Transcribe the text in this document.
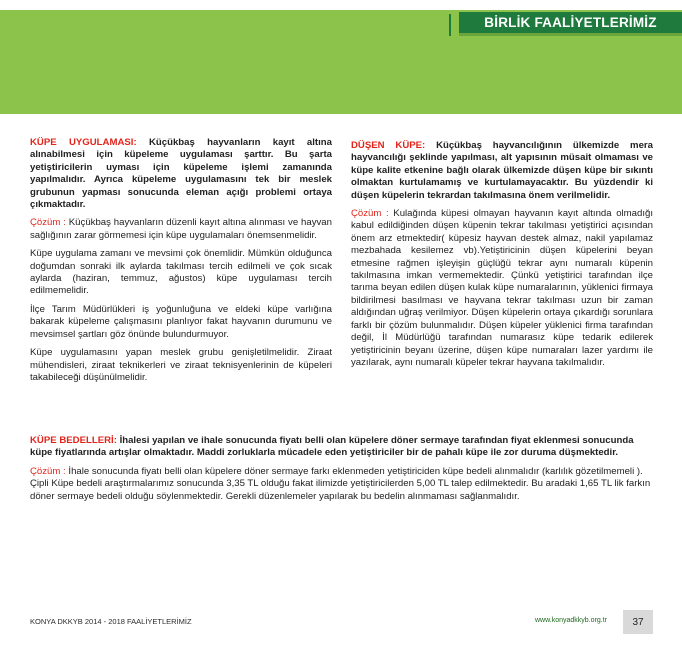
BİRLİK FAALİYETLERİMİZ

KÜPE UYGULAMASI: Küçükbaş hayvanların kayıt altına alınabilmesi için küpeleme uygulaması şarttır. Bu şarta yetiştiricilerin uyması için küpeleme işlemi zamanında yapılmalıdır. Ayrıca küpeleme uygulamasını tek bir meslek grubunun yapması sonucunda eleman açığı problemi ortaya çıkmaktadır.

Çözüm : Küçükbaş hayvanların düzenli kayıt altına alınması ve hayvan sağlığının zarar görmemesi için küpe uygulamaları önemsenmelidir.

Küpe uygulama zamanı ve mevsimi çok önemlidir. Mümkün olduğunca doğumdan sonraki ilk aylarda takılması tercih edilmeli ve çok sıcak aylarda (haziran, temmuz, ağustos) küpe uygulaması tercih edilmemelidir.

İlçe Tarım Müdürlükleri iş yoğunluğuna ve eldeki küpe varlığına bakarak küpeleme çalışmasını planlıyor fakat hayvanın durumunu ve mevsimsel şartları göz önünde bulundurmuyor.

Küpe uygulamasını yapan meslek grubu genişletilmelidir. Ziraat mühendisleri, ziraat teknikerleri ve ziraat teknisyenlerinin de küpeleri takabileceği düşünülmelidir.

DÜŞEN KÜPE: Küçükbaş hayvancılığının ülkemizde mera hayvancılığı şeklinde yapılması, alt yapısının müsait olmaması ve küpe kalite etkenine bağlı olarak ülkemizde düşen küpe bir sıkıntı olmaktan kurtulamamış ve kurtulamayacaktır. Bu yüzdendir ki düşen küpelerin tekrardan takılmasına önem verilmelidir.

Çözüm : Kulağında küpesi olmayan hayvanın kayıt altında olmadığı kabul edildiğinden düşen küpenin tekrar takılması yetiştirici açısından önem arz etmektedir( küpesiz hayvan destek almaz, nakil yapılamaz mezbahada kesilemez vb).Yetiştiricinin düşen küpelerini beyan etmesine rağmen işleyişin güçlüğü tekrar aynı numaralı küpenin takılmasına imkan vermemektedir. Çünkü yetiştirici tarafından ilçe tarıma beyan edilen düşen kulak küpe numaralarının, yüklenici firmaya bildirilmesi basılması ve hayvana tekrar takılması uzun bir zaman aldığından uğraş verilmiyor. Düşen küpelerin ortaya çıkardığı sorunlara farklı bir çözüm bulunmalıdır. Düşen küpeler yüklenici firma tarafından değil, İl Müdürlüğü tarafından numarasız küpe tedarik edilerek yetiştiricinin beyanı üzerine, düşen küpe numaraları lazer yardımı ile yazılarak, aynı numaralı küpeler tekrar hayvana takılmalıdır.

KÜPE BEDELLERİ: İhalesi yapılan ve ihale sonucunda fiyatı belli olan küpelere döner sermaye tarafından fiyat eklenmesi sonucunda küpe fiyatlarında artışlar olmaktadır. Maddi zorluklarla mücadele eden yetiştiriciler bir de pahalı küpe ile zor duruma düşmektedir.

Çözüm : İhale sonucunda fiyatı belli olan küpelere döner sermaye farkı eklenmeden yetiştiriciden küpe bedeli alınmalıdır (karlılık gözetilmemeli ). Çipli Küpe bedeli araştırmalarımız sonucunda 3,35 TL olduğu fakat ilimizde yetiştiricilerden 5,00 TL talep edilmektedir. Bu aradaki 1,65 TL lik farkın döner sermaye bedeli olduğu söylenmektedir. Gerekli düzenlemeler yapılarak bu bedelin alınmaması sağlanmalıdır.

KONYA DKKYB 2014 - 2018 FAALİYETLERİMİZ	www.konyadkkyb.org.tr	37
